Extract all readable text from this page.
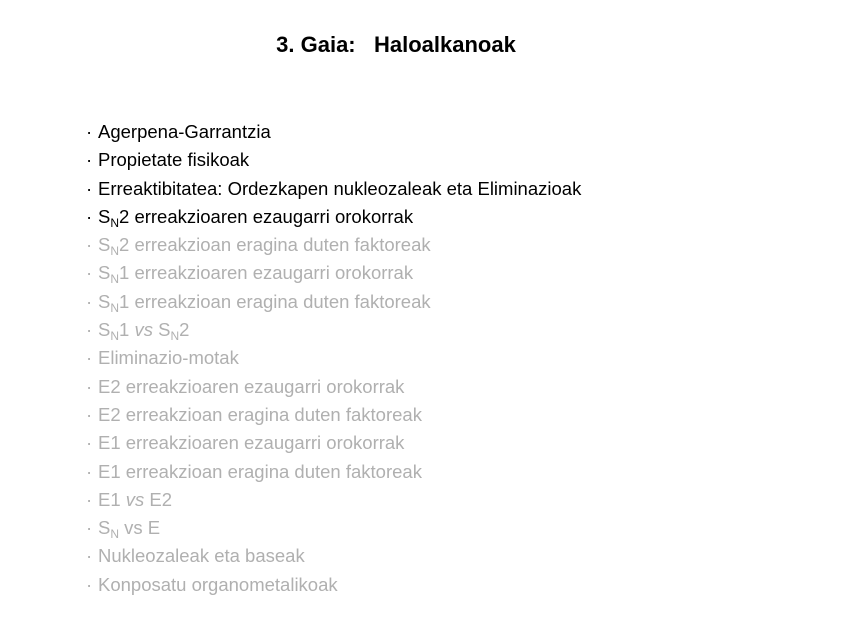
3. Gaia:   Haloalkanoak
· Agerpena-Garrantzia
· Propietate fisikoak
· Erreaktibitatea: Ordezkapen nukleozaleak eta Eliminazioak
· $S_N2$ erreakzioaren ezaugarri orokorrak
· $S_N2$ erreakzioan eragina duten faktoreak
· $S_N1$ erreakzioaren ezaugarri orokorrak
· $S_N1$ erreakzioan eragina duten faktoreak
· $S_N1$ vs $S_N2$
· Eliminazio-motak
· E2 erreakzioaren ezaugarri orokorrak
· E2 erreakzioan eragina duten faktoreak
· E1 erreakzioaren ezaugarri orokorrak
· E1 erreakzioan eragina duten faktoreak
· E1 vs E2
· $S_N$ vs E
· Nukleozaleak eta baseak
· Konposatu organometalikoak
